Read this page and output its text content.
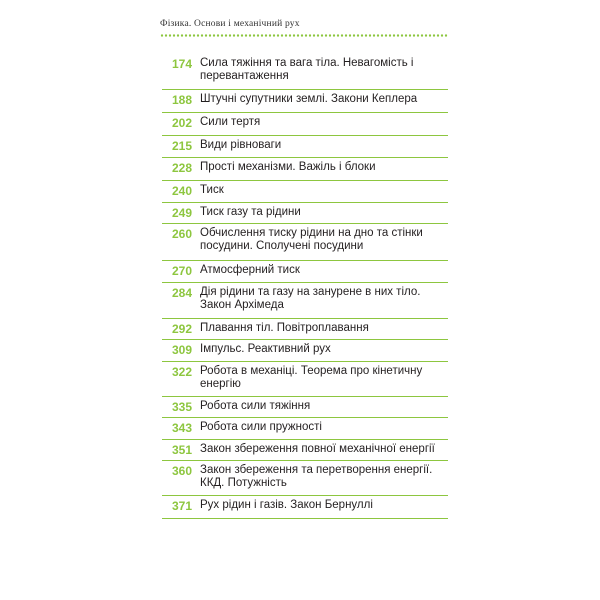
Фізика. Основи і механічний рух
174 Сила тяжіння та вага тіла. Невагомість і перевантаження
188 Штучні супутники землі. Закони Кеплера
202 Сили тертя
215 Види рівноваги
228 Прості механізми. Важіль і блоки
240 Тиск
249 Тиск газу та рідини
260 Обчислення тиску рідини на дно та стінки посудини. Сполучені посудини
270 Атмосферний тиск
284 Дія рідини та газу на занурене в них тіло. Закон Архімеда
292 Плавання тіл. Повітроплавання
309 Імпульс. Реактивний рух
322 Робота в механіці. Теорема про кінетичну енергію
335 Робота сили тяжіння
343 Робота сили пружності
351 Закон збереження повної механічної енергії
360 Закон збереження та перетворення енергії. ККД. Потужність
371 Рух рідин і газів. Закон Бернуллі
